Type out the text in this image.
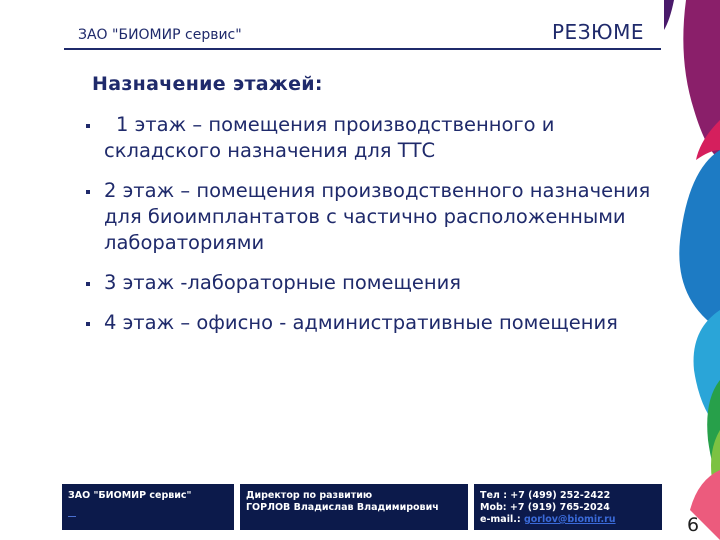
ЗАО "БИОМИР сервис"	РЕЗЮМЕ
Назначение этажей:
1 этаж – помещения производственного и складского назначения для ТТС
2 этаж – помещения производственного назначения для биоимплантатов с частично расположенными лабораториями
3 этаж -лабораторные помещения
4 этаж – офисно - административные помещения
ЗАО "БИОМИР сервис"	Директор по развитию
ГОРЛОВ Владислав Владимирович
Тел : +7 (499) 252-2422
Mob: +7 (919) 765-2024
e-mail.: gorlov@biomir.ru	6
